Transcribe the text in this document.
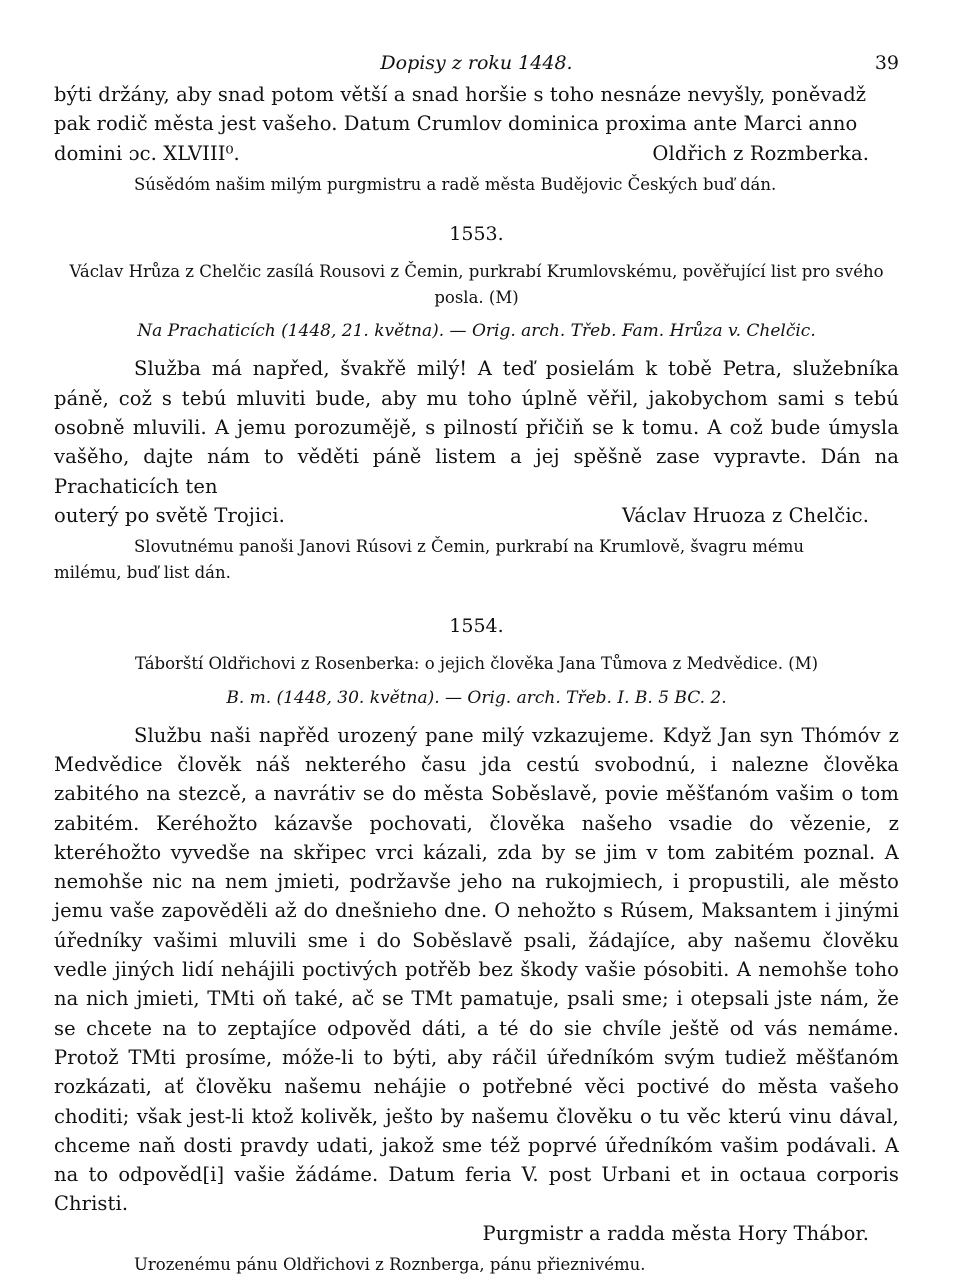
Dopisy z roku 1448.	39

býti držány, aby snad potom větší a snad horšie s toho nesnáze nevyšly, poněvadž

pak rodič města jest vašeho. Datum Crumlov dominica proxima ante Marci anno

domini ɔc. XLVIII⁰.	Oldřich z Rozmberka.

Súsědóm našim milým purgmistru a radě města Budějovic Českých buď dán.

1553.

Václav Hrůza z Chelčic zasílá Rousovi z Čemin, purkrabí Krumlovskému, pověřující list pro svého posla. (M)

Na Prachaticích (1448, 21. května). — Orig. arch. Třeb. Fam. Hrůza v. Chelčic.

Služba má napřed, švakřě milý! A teď posielám k tobě Petra, služebníka páně, což s tebú mluviti bude, aby mu toho úplně věřil, jakobychom sami s tebú osobně mluvili. A jemu porozumějě, s pilností přičiň se k tomu. A což bude úmysla vašěho, dajte nám to věděti páně listem a jej spěšně zase vypravte. Dán na Prachaticích ten

outerý po světě Trojici.	Václav Hruoza z Chelčic.

Slovutnému panoši Janovi Rúsovi z Čemin, purkrabí na Krumlově, švagru mému

milému, buď list dán.

1554.

Táborští Oldřichovi z Rosenberka: o jejich člověka Jana Tůmova z Medvědice. (M)

B. m. (1448, 30. května). — Orig. arch. Třeb. I. B. 5 BC. 2.

Službu naši napřěd urozený pane milý vzkazujeme. Když Jan syn Thómóv z Medvědice člověk náš nekterého času jda cestú svobodnú, i nalezne člověka zabitého na stezcě, a navrátiv se do města Soběslavě, povie měšťanóm vašim o tom zabitém. Keréhožto kázavše pochovati, člověka našeho vsadie do vězenie, z kteréhožto vyvedše na skřipec vrci kázali, zda by se jim v tom zabitém poznal. A nemohše nic na nem jmieti, podržavše jeho na rukojmiech, i propustili, ale město jemu vaše zapověděli až do dnešnieho dne. O nehožto s Rúsem, Maksantem i jinými úředníky vašimi mluvili sme i do Soběslavě psali, žádajíce, aby našemu člověku vedle jiných lidí nehájili poctivých potřěb bez škody vašie pósobiti. A nemohše toho na nich jmieti, TMti oň také, ač se TMt pamatuje, psali sme; i otepsali jste nám, že se chcete na to zeptajíce odpověd dáti, a té do sie chvíle ještě od vás nemáme. Protož TMti prosíme, móže-li to býti, aby ráčil úředníkóm svým tudiež měšťanóm rozkázati, ať člověku našemu nehájie o potřebné věci poctivé do města vašeho choditi; však jest-li ktož kolivěk, ješto by našemu člověku o tu věc kterú vinu dával, chceme naň dosti pravdy udati, jakož sme též poprvé úředníkóm vašim podávali. A na to odpověd[i] vašie žádáme. Datum feria V. post Urbani et in octaua corporis Christi.

Purgmistr a radda města Hory Thábor.

Urozenému pánu Oldřichovi z Roznberga, pánu přieznivému.
